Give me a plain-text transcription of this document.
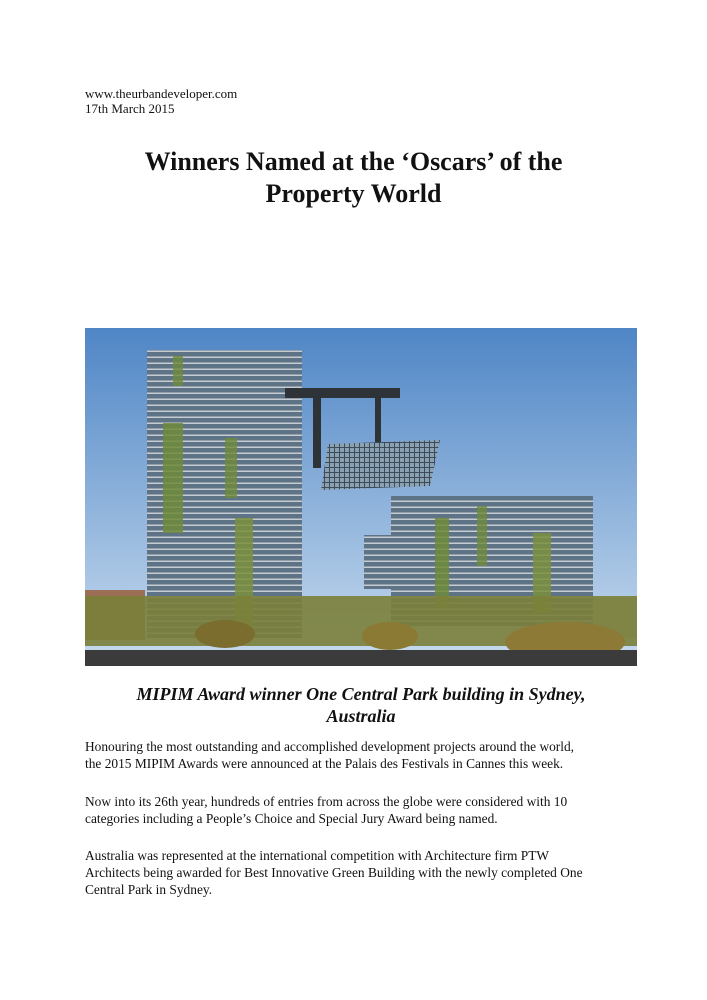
www.theurbandeveloper.com
17th March 2015
Winners Named at the ‘Oscars’ of the
Property World

MIPIM Award winner One Central Park building in Sydney,
Australia

Honouring the most outstanding and accomplished development projects around the world,
the 2015 MIPIM Awards were announced at the Palais des Festivals in Cannes this week.

Now into its 26th year, hundreds of entries from across the globe were considered with 10
categories including a People’s Choice and Special Jury Award being named.

Australia was represented at the international competition with Architecture firm PTW
Architects being awarded for Best Innovative Green Building with the newly completed One
Central Park in Sydney.
